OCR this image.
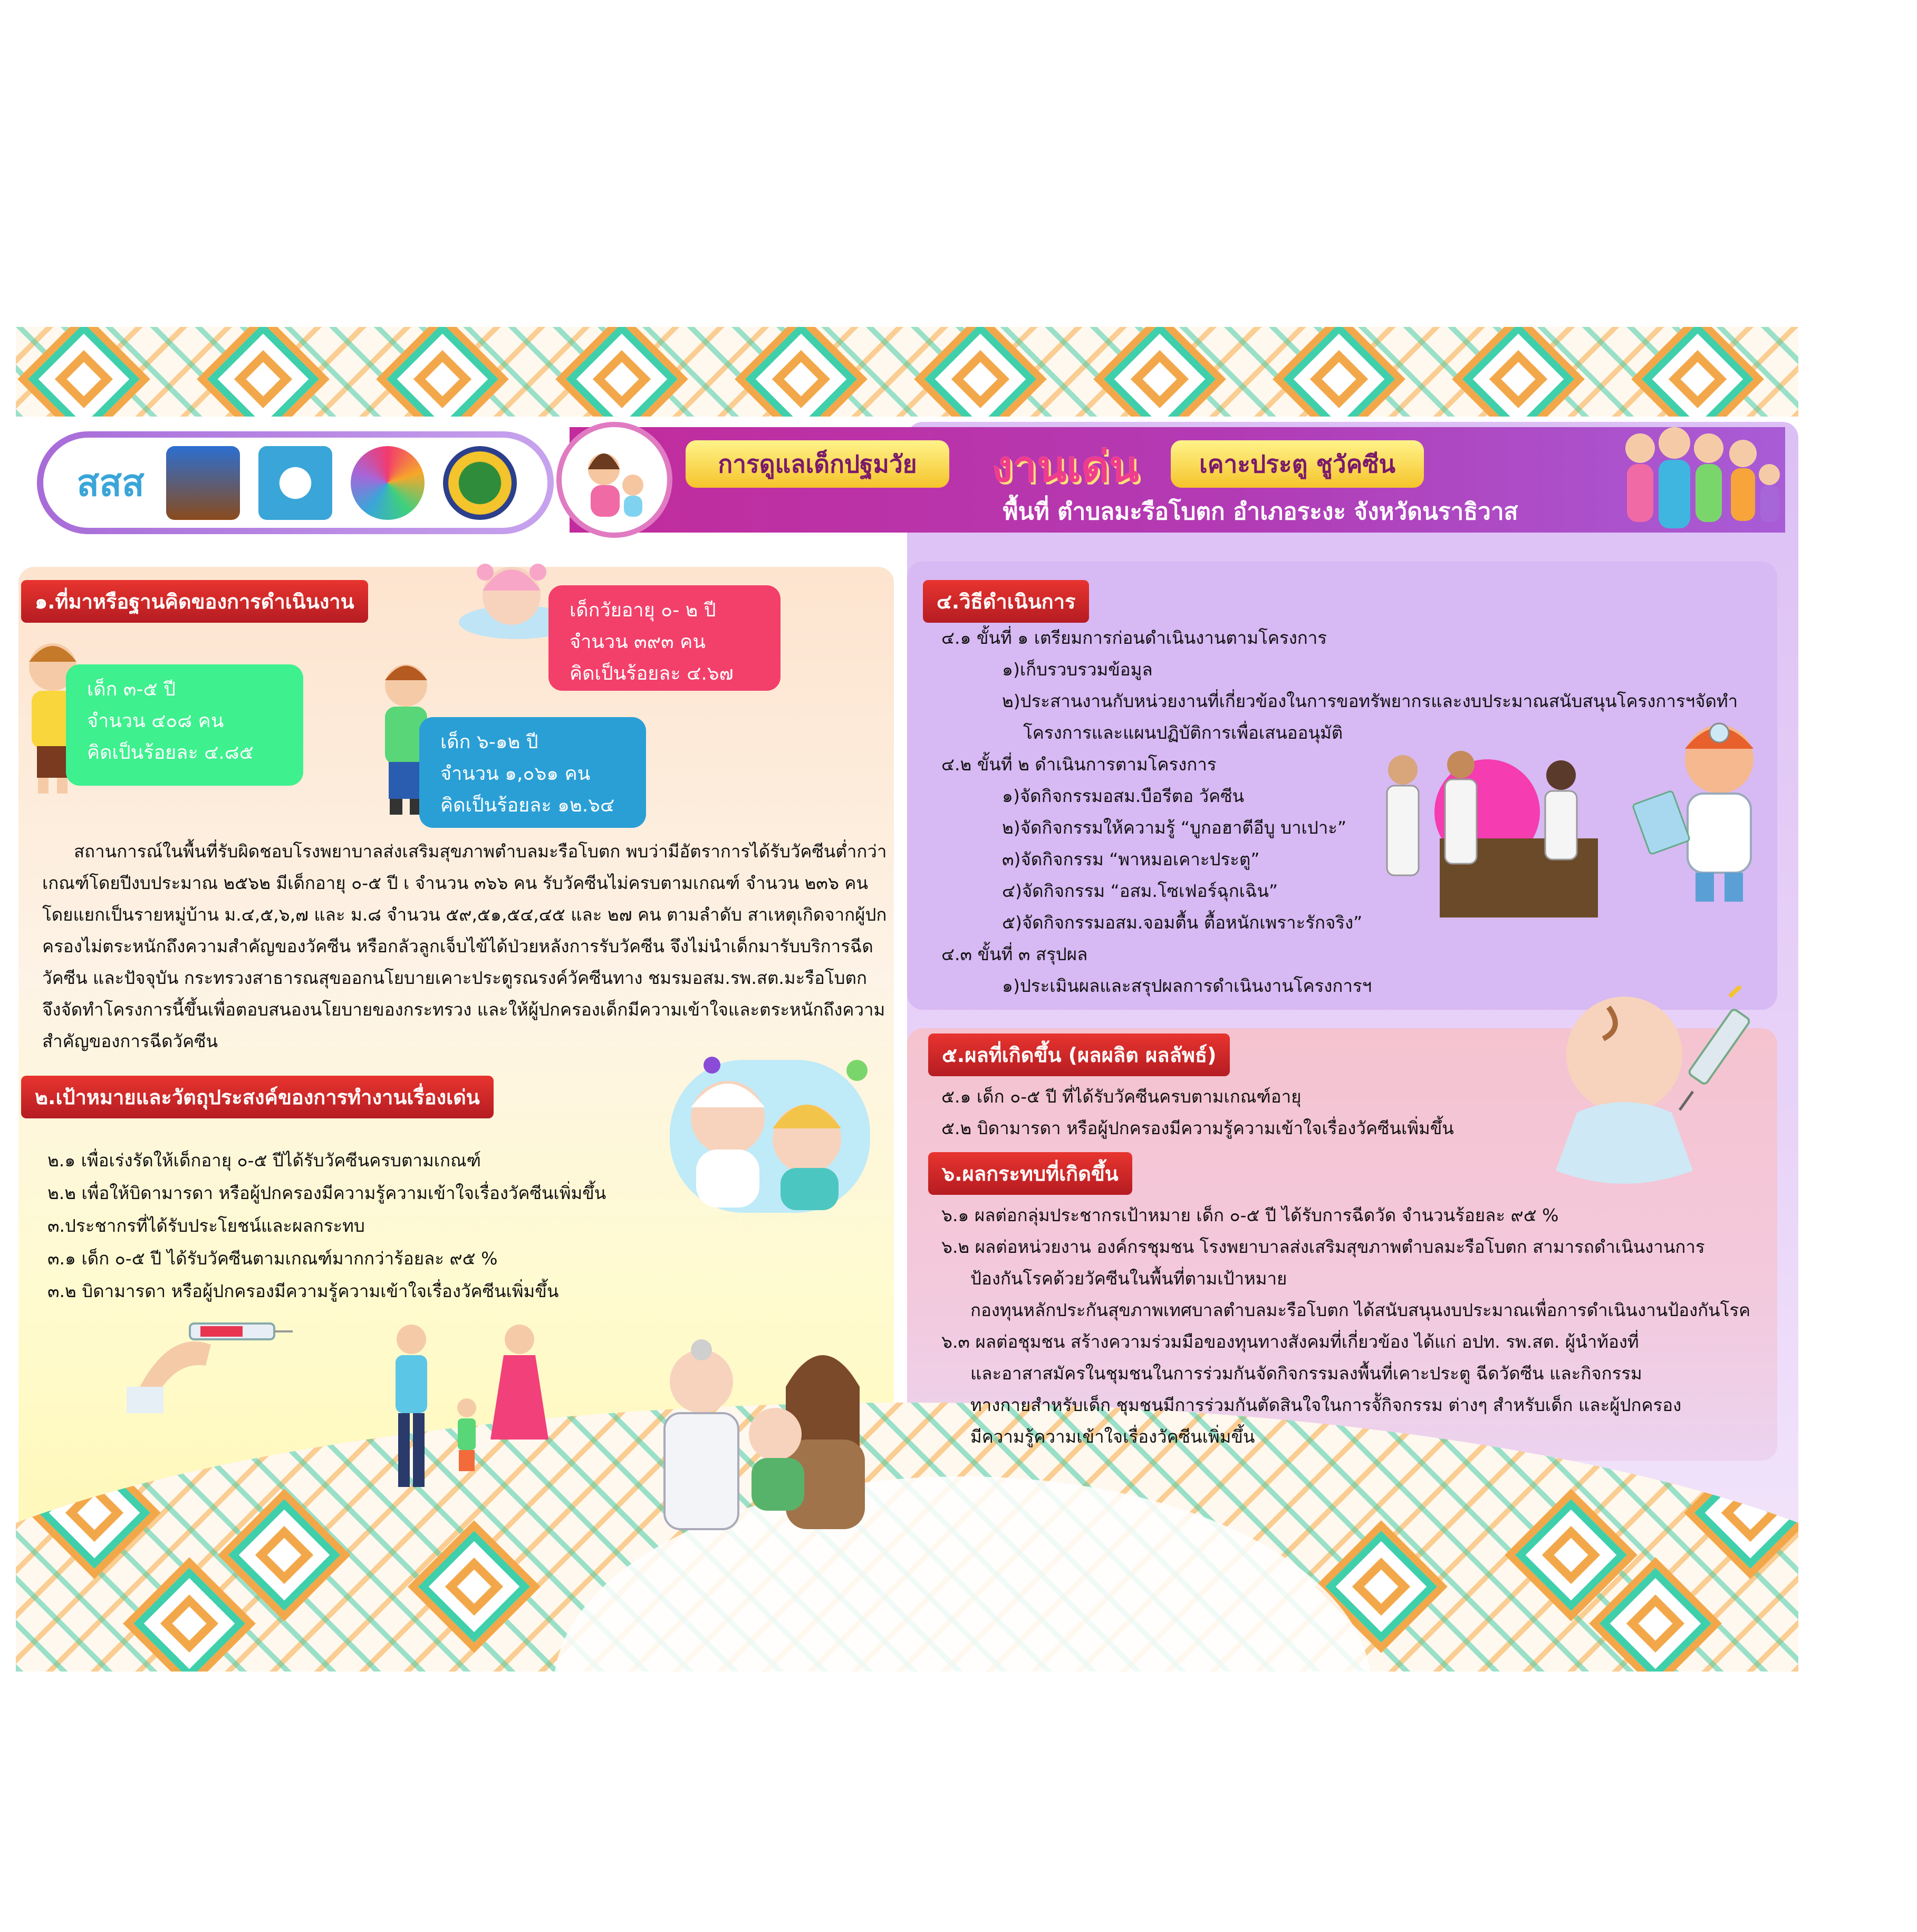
สสส	การดูแลเด็กปฐมวัย	งานเด่น	เคาะประตู ชูวัคซีน
พื้นที่ ตำบลมะรือโบตก อำเภอระงะ จังหวัดนราธิวาส
๑.ที่มาหรือฐานคิดของการดำเนินงาน	เด็กวัยอายุ ๐- ๒ ปี
จำนวน ๓๙๓ คน
คิดเป็นร้อยละ ๔.๖๗
เด็ก ๓-๕ ปี
จำนวน ๔๐๘ คน
คิดเป็นร้อยละ ๔.๘๕	เด็ก ๖-๑๒ ปี
จำนวน ๑,๐๖๑ คน
คิดเป็นร้อยละ ๑๒.๖๔
สถานการณ์ในพื้นที่รับผิดชอบโรงพยาบาลส่งเสริมสุขภาพตำบลมะรือโบตก พบว่ามีอัตราการได้รับวัคซีนต่ำกว่า
เกณฑ์โดยปีงบประมาณ ๒๕๖๒ มีเด็กอายุ ๐-๕ ปี เ จำนวน ๓๖๖ คน รับวัคซีนไม่ครบตามเกณฑ์ จำนวน ๒๓๖ คน
โดยแยกเป็นรายหมู่บ้าน ม.๔,๕,๖,๗ และ ม.๘ จำนวน ๕๙,๕๑,๕๔,๔๕ และ ๒๗ คน ตามลำดับ สาเหตุเกิดจากผู้ปก
ครองไม่ตระหนักถึงความสำคัญของวัคซีน หรือกลัวลูกเจ็บไข้ได้ป่วยหลังการรับวัคซีน จึงไม่นำเด็กมารับบริการฉีด
วัคซีน และปัจจุบัน กระทรวงสาธารณสุขออกนโยบายเคาะประตูรณรงค์วัคซีนทาง ชมรมอสม.รพ.สต.มะรือโบตก
จึงจัดทำโครงการนี้ขึ้นเพื่อตอบสนองนโยบายของกระทรวง และให้ผู้ปกครองเด็กมีความเข้าใจและตระหนักถึงความ
สำคัญของการฉีดวัคซีน
๒.เป้าหมายและวัตถุประสงค์ของการทำงานเรื่องเด่น
๒.๑ เพื่อเร่งรัดให้เด็กอายุ ๐-๕ ปีได้รับวัคซีนครบตามเกณฑ์
๒.๒ เพื่อให้บิดามารดา หรือผู้ปกครองมีความรู้ความเข้าใจเรื่องวัคซีนเพิ่มขึ้น
๓.ประชากรที่ได้รับประโยชน์และผลกระทบ
๓.๑ เด็ก ๐-๕ ปี ได้รับวัคซีนตามเกณฑ์มากกว่าร้อยละ ๙๕ %
๓.๒ บิดามารดา หรือผู้ปกครองมีความรู้ความเข้าใจเรื่องวัคซีนเพิ่มขึ้น
๔.วิธีดำเนินการ
๔.๑ ขั้นที่ ๑ เตรียมการก่อนดำเนินงานตามโครงการ
๑)เก็บรวบรวมข้อมูล
๒)ประสานงานกับหน่วยงานที่เกี่ยวข้องในการขอทรัพยากรและงบประมาณสนับสนุนโครงการฯจัดทำ
โครงการและแผนปฏิบัติการเพื่อเสนออนุมัติ
๔.๒ ขั้นที่ ๒ ดำเนินการตามโครงการ
๑)จัดกิจกรรมอสม.บือรีตอ วัคซีน
๒)จัดกิจกรรมให้ความรู้ “บูกอฮาตีอีบู บาเปาะ”
๓)จัดกิจกรรม “พาหมอเคาะประตู”
๔)จัดกิจกรรม “อสม.โซเฟอร์ฉุกเฉิน”
๕)จัดกิจกรรมอสม.จอมตื้น ตื้อหนักเพราะรักจริง”
๔.๓ ขั้นที่ ๓ สรุปผล
๑)ประเมินผลและสรุปผลการดำเนินงานโครงการฯ
๕.ผลที่เกิดขึ้น (ผลผลิต ผลลัพธ์)
๕.๑ เด็ก ๐-๕ ปี ที่ได้รับวัคซีนครบตามเกณฑ์อายุ
๕.๒ บิดามารดา หรือผู้ปกครองมีความรู้ความเข้าใจเรื่องวัคซีนเพิ่มขึ้น
๖.ผลกระทบที่เกิดขึ้น
๖.๑ ผลต่อกลุ่มประชากรเป้าหมาย เด็ก ๐-๕ ปี ได้รับการฉีดวัด จำนวนร้อยละ ๙๕ %
๖.๒ ผลต่อหน่วยงาน องค์กรชุมชน โรงพยาบาลส่งเสริมสุขภาพตำบลมะรือโบตก สามารถดำเนินงานการ
ป้องกันโรคด้วยวัคซีนในพื้นที่ตามเป้าหมาย
กองทุนหลักประกันสุขภาพเทศบาลตำบลมะรือโบตก ได้สนับสนุนงบประมาณเพื่อการดำเนินงานป้องกันโรค
๖.๓ ผลต่อชุมชน สร้างความร่วมมือของทุนทางสังคมที่เกี่ยวข้อง ได้แก่ อปท. รพ.สต. ผู้นำท้องที่
และอาสาสมัครในชุมชนในการร่วมกันจัดกิจกรรมลงพื้นที่เคาะประตู ฉีดวัดซีน และกิจกรรม
ทางกายสำหรับเด็ก ชุมชนมีการร่วมกันตัดสินใจในการจัักิจกรรม ต่างๆ สำหรับเด็ก และผู้ปกครอง
มีความรู้ความเข้าใจเรื่องวัคซีนเพิ่มขึ้น
